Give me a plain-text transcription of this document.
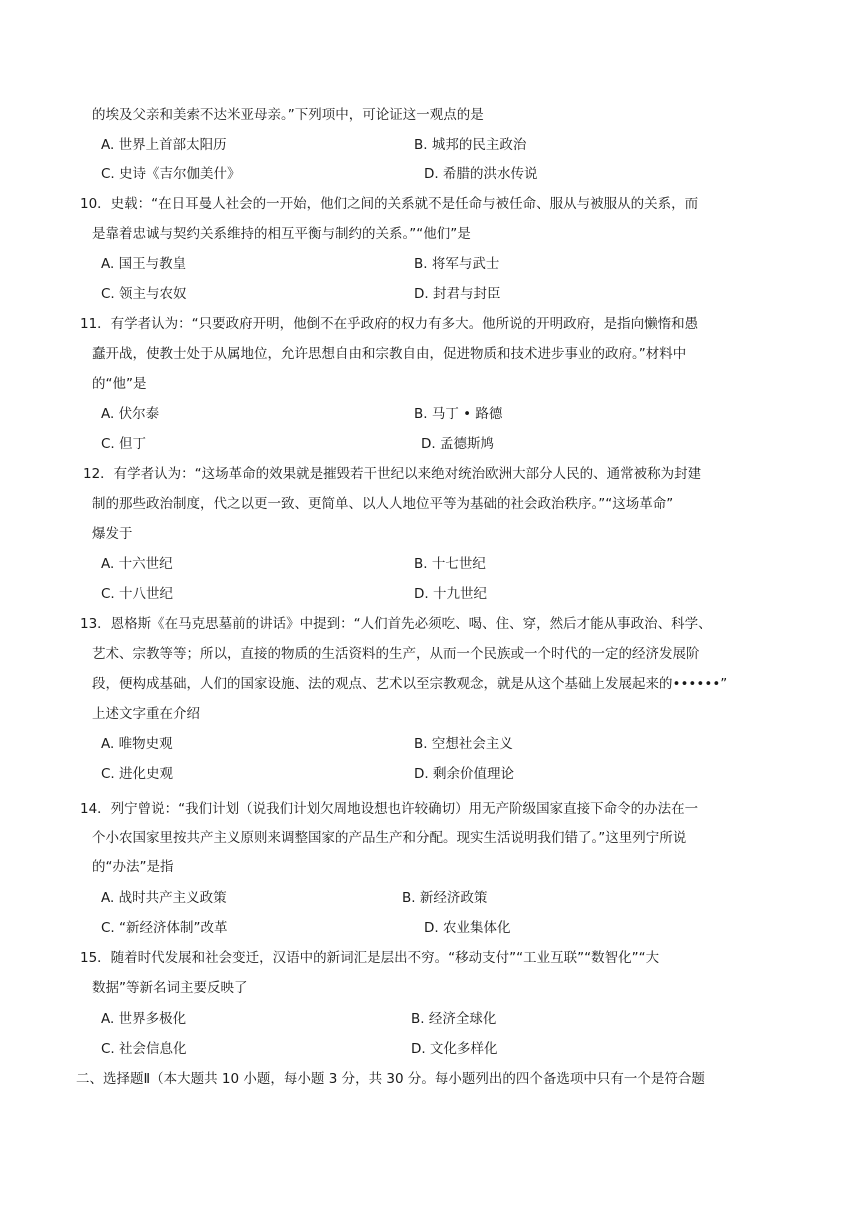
的埃及父亲和美索不达米亚母亲。”下列项中，可论证这一观点的是
A. 世界上首部太阳历	B. 城邦的民主政治
C. 史诗《吉尔伽美什》	D. 希腊的洪水传说
10．史载：“在日耳曼人社会的一开始，他们之间的关系就不是任命与被任命、服从与被服从的关系，而
是靠着忠诚与契约关系维持的相互平衡与制约的关系。”“他们”是
A. 国王与教皇	B. 将军与武士
C. 领主与农奴	D. 封君与封臣
11．有学者认为：“只要政府开明，他倒不在乎政府的权力有多大。他所说的开明政府，是指向懒惰和愚
蠢开战，使教士处于从属地位，允许思想自由和宗教自由，促进物质和技术进步事业的政府。”材料中
的“他”是
A. 伏尔泰	B. 马丁 • 路德
C. 但丁	D. 孟德斯鸠
12．有学者认为：“这场革命的效果就是摧毁若干世纪以来绝对统治欧洲大部分人民的、通常被称为封建
制的那些政治制度，代之以更一致、更简单、以人人地位平等为基础的社会政治秩序。”“这场革命”
爆发于
A. 十六世纪	B. 十七世纪
C. 十八世纪	D. 十九世纪
13．恩格斯《在马克思墓前的讲话》中提到：“人们首先必须吃、喝、住、穿，然后才能从事政治、科学、
艺术、宗教等等；所以，直接的物质的生活资料的生产，从而一个民族或一个时代的一定的经济发展阶
段，便构成基础，人们的国家设施、法的观点、艺术以至宗教观念，就是从这个基础上发展起来的••••••”
上述文字重在介绍
A. 唯物史观	B. 空想社会主义
C. 进化史观	D. 剩余价值理论
14．列宁曾说：“我们计划（说我们计划欠周地设想也许较确切）用无产阶级国家直接下命令的办法在一
个小农国家里按共产主义原则来调整国家的产品生产和分配。现实生活说明我们错了。”这里列宁所说
的“办法”是指
A. 战时共产主义政策	B. 新经济政策
C. “新经济体制”改革	D. 农业集体化
15．随着时代发展和社会变迁，汉语中的新词汇是层出不穷。“移动支付”“工业互联”“数智化”“大
数据”等新名词主要反映了
A. 世界多极化	B. 经济全球化
C. 社会信息化	D. 文化多样化
二、选择题Ⅱ（本大题共 10 小题，每小题 3 分，共 30 分。每小题列出的四个备选项中只有一个是符合题
